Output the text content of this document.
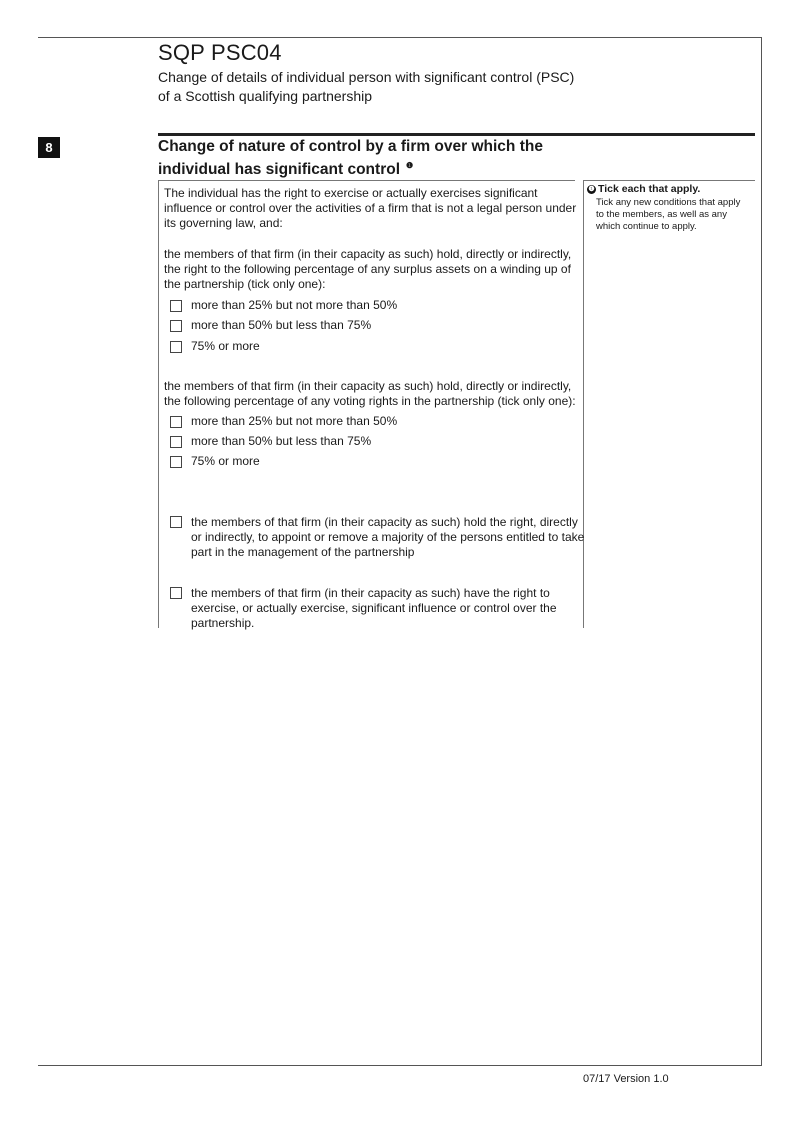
SQP PSC04
Change of details of individual person with significant control (PSC)
of a Scottish qualifying partnership
8	Change of nature of control by a firm over which the
individual has significant control $^❶$
The individual has the right to exercise or actually exercises significant
influence or control over the activities of a firm that is not a legal person under
its governing law, and:
the members of that firm (in their capacity as such) hold, directly or indirectly,
the right to the following percentage of any surplus assets on a winding up of
the partnership (tick only one):
more than 25% but not more than 50%
more than 50% but less than 75%
75% or more
the members of that firm (in their capacity as such) hold, directly or indirectly,
the following percentage of any voting rights in the partnership (tick only one):
more than 25% but not more than 50%
more than 50% but less than 75%
75% or more
the members of that firm (in their capacity as such) hold the right, directly
or indirectly, to appoint or remove a majority of the persons entitled to take
part in the management of the partnership
the members of that firm (in their capacity as such) have the right to
exercise, or actually exercise, significant influence or control over the
partnership.
❶ Tick each that apply.
Tick any new conditions that apply
to the members, as well as any
which continue to apply.
07/17 Version 1.0
